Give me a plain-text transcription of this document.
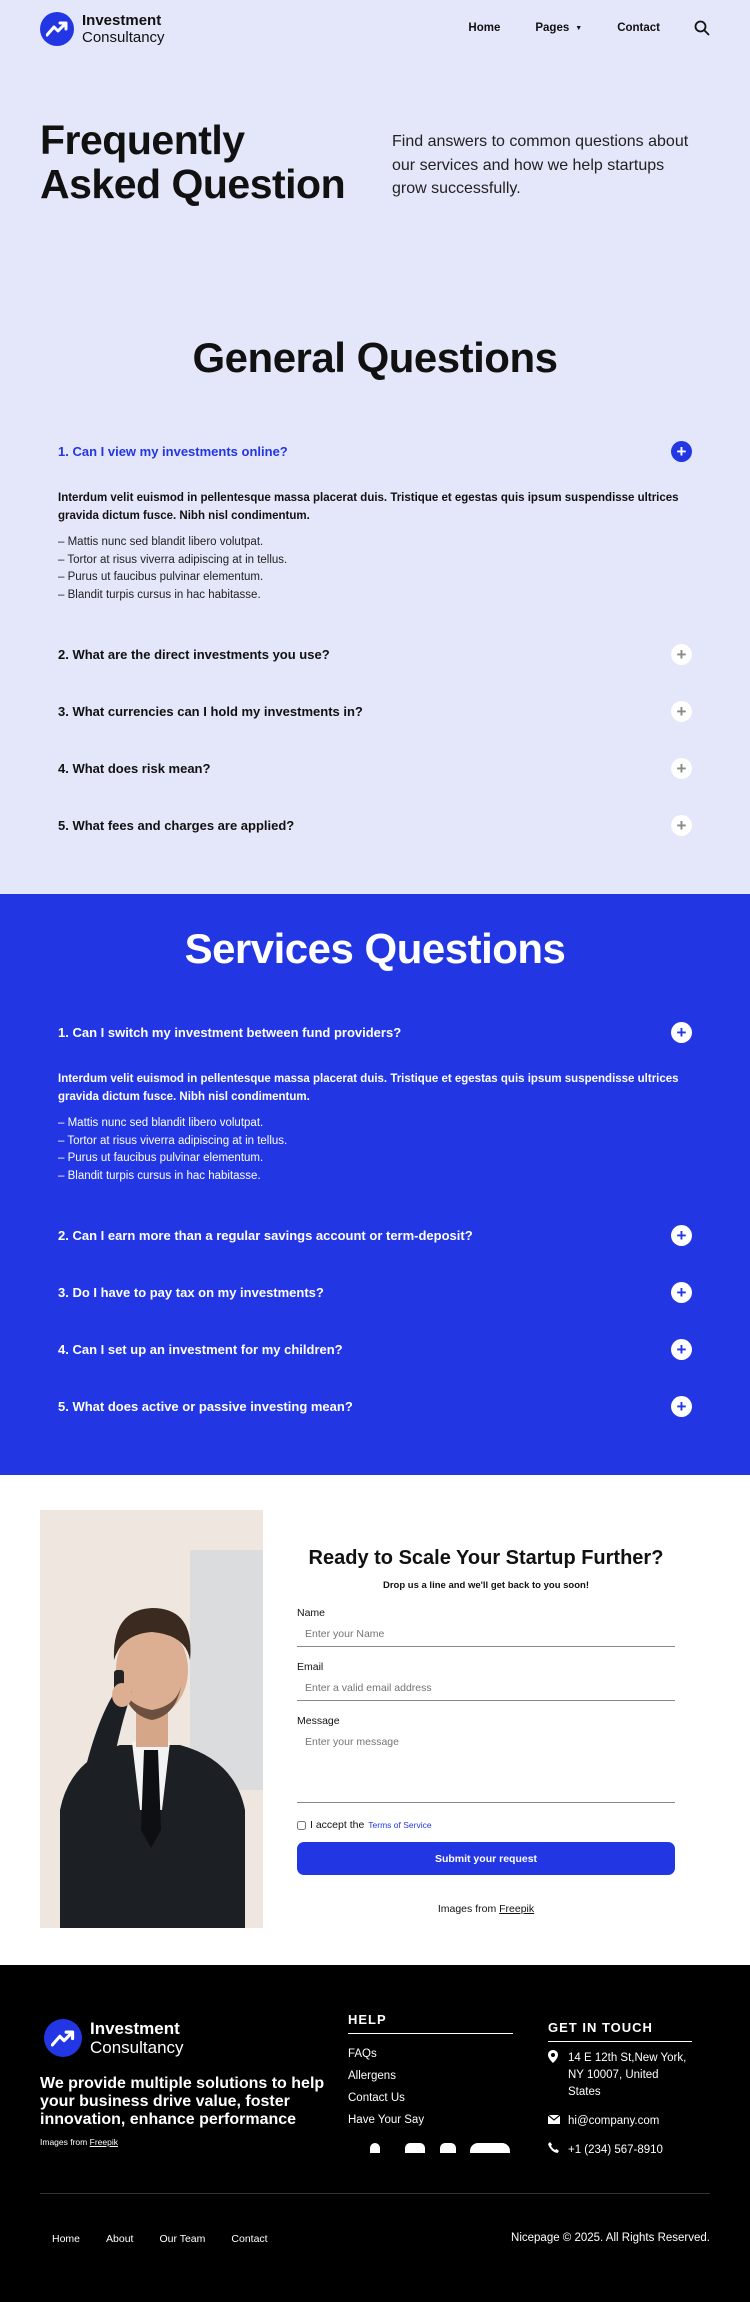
Investment
Consultancy
Home	Pages ▼	Contact
Frequently
Asked Question

Find answers to common questions about our services and how we help startups grow successfully.

General Questions
1. Can I view my investments online?	+

Interdum velit euismod in pellentesque massa placerat duis. Tristique et egestas quis ipsum suspendisse ultrices gravida dictum fusce. Nibh nisl condimentum.

– Mattis nunc sed blandit libero volutpat.
– Tortor at risus viverra adipiscing at in tellus.
– Purus ut faucibus pulvinar elementum.
– Blandit turpis cursus in hac habitasse.
2. What are the direct investments you use?	+
3. What currencies can I hold my investments in?	+
4. What does risk mean?	+
5. What fees and charges are applied?	+
Services Questions
1. Can I switch my investment between fund providers?	+

Interdum velit euismod in pellentesque massa placerat duis. Tristique et egestas quis ipsum suspendisse ultrices gravida dictum fusce. Nibh nisl condimentum.

– Mattis nunc sed blandit libero volutpat.
– Tortor at risus viverra adipiscing at in tellus.
– Purus ut faucibus pulvinar elementum.
– Blandit turpis cursus in hac habitasse.
2. Can I earn more than a regular savings account or term-deposit?	+
3. Do I have to pay tax on my investments?	+
4. Can I set up an investment for my children?	+
5. What does active or passive investing mean?	+
Ready to Scale Your Startup Further?

Drop us a line and we'll get back to you soon!

Name
Enter your Name
Email
Enter a valid email address
Message
Enter your message
I accept the Terms of Service
Submit your request

Images from Freepik

Investment
Consultancy

We provide multiple solutions to help your business drive value, foster innovation, enhance performance

Images from Freepik

HELP
FAQs
Allergens
Contact Us
Have Your Say
GET IN TOUCH
14 E 12th St,New York, NY 10007, United States
hi@company.com
+1 (234) 567-8910
Home About Our Team Contact	Nicepage © 2025. All Rights Reserved.
